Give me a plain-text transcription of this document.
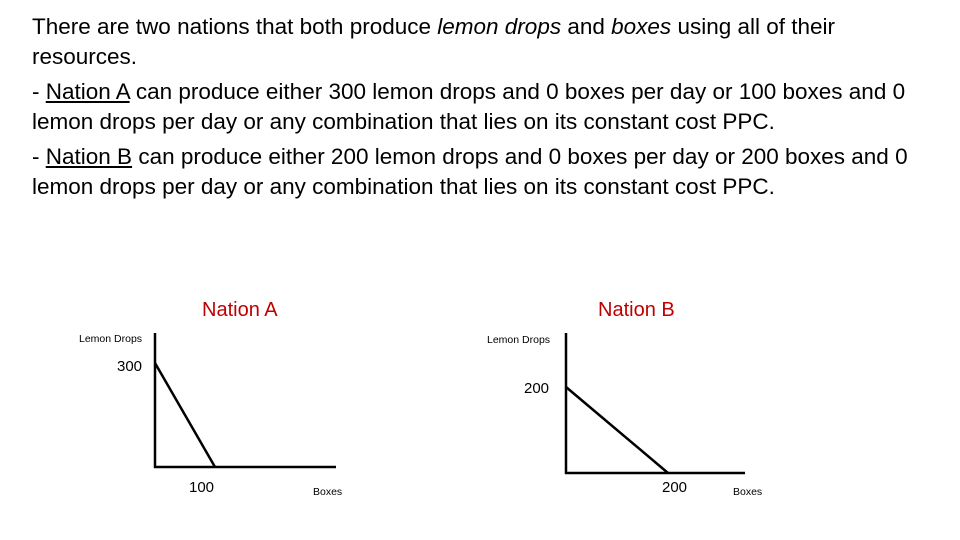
There are two nations that both produce lemon drops and boxes using all of their resources.

- Nation A can produce either 300 lemon drops and 0 boxes per day or 100 boxes and 0 lemon drops per day or any combination that lies on its constant cost PPC.

- Nation B can produce either 200 lemon drops and 0 boxes per day or 200 boxes and 0 lemon drops per day or any combination that lies on its constant cost PPC.

Nation A
Lemon Drops
300
100	Boxes
Nation B
Lemon Drops
200
200	Boxes
